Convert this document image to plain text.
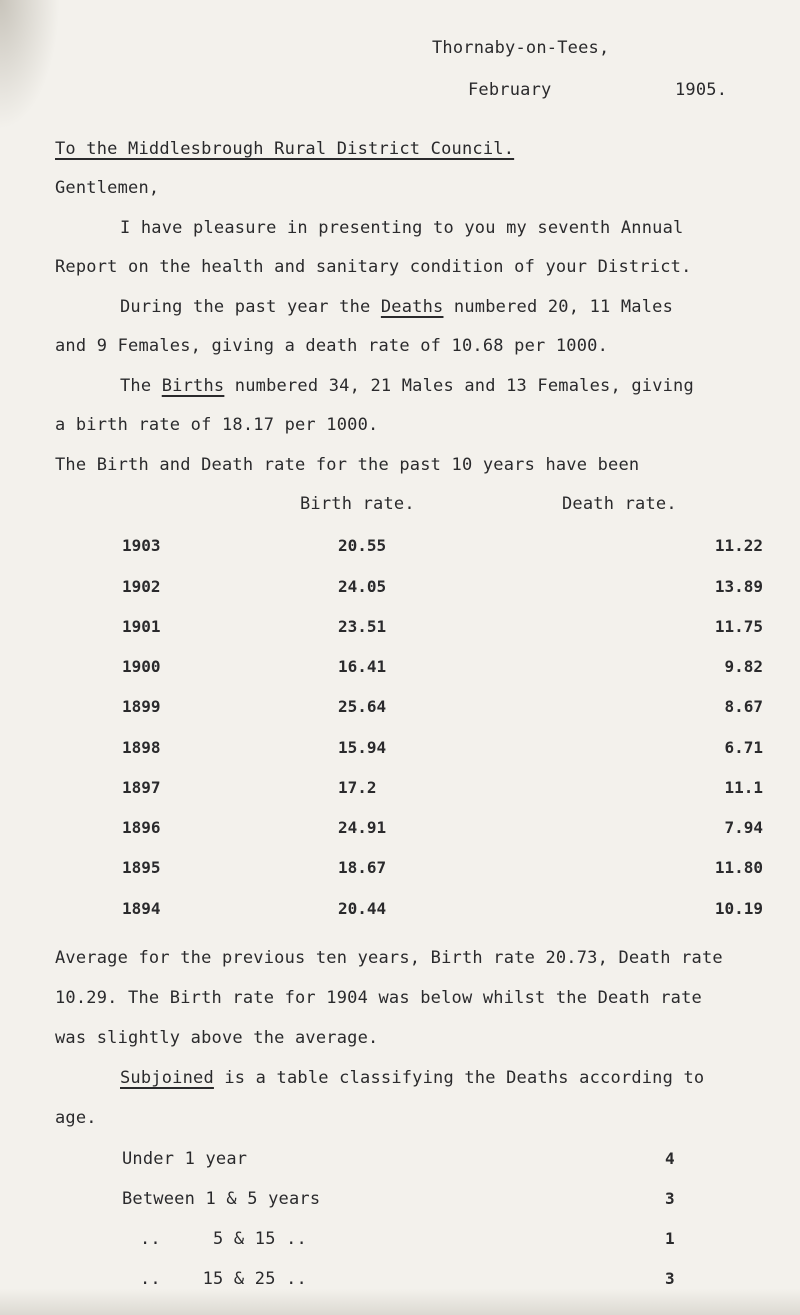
Thornaby-on-Tees,
February	1905.
To the Middlesbrough Rural District Council.
Gentlemen,
I have pleasure in presenting to you my seventh Annual
Report on the health and sanitary condition of your District.
During the past year the Deaths numbered 20, 11 Males
and 9 Females, giving a death rate of 10.68 per 1000.
The Births numbered 34, 21 Males and 13 Females, giving
a birth rate of 18.17 per 1000.
The Birth and Death rate for the past 10 years have been
Birth rate.	Death rate.
1903	20.55	11.22
1902	24.05	13.89
1901	23.51	11.75
1900	16.41	9.82
1899	25.64	8.67
1898	15.94	6.71
1897	17.2	11.1
1896	24.91	7.94
1895	18.67	11.80
1894	20.44	10.19
Average for the previous ten years, Birth rate 20.73, Death rate
10.29. The Birth rate for 1904 was below whilst the Death rate
was slightly above the average.
Subjoined is a table classifying the Deaths according to
age.
Under 1 year	4
Between 1 & 5 years	3
..     5 & 15 ..	1
..    15 & 25 ..	3
